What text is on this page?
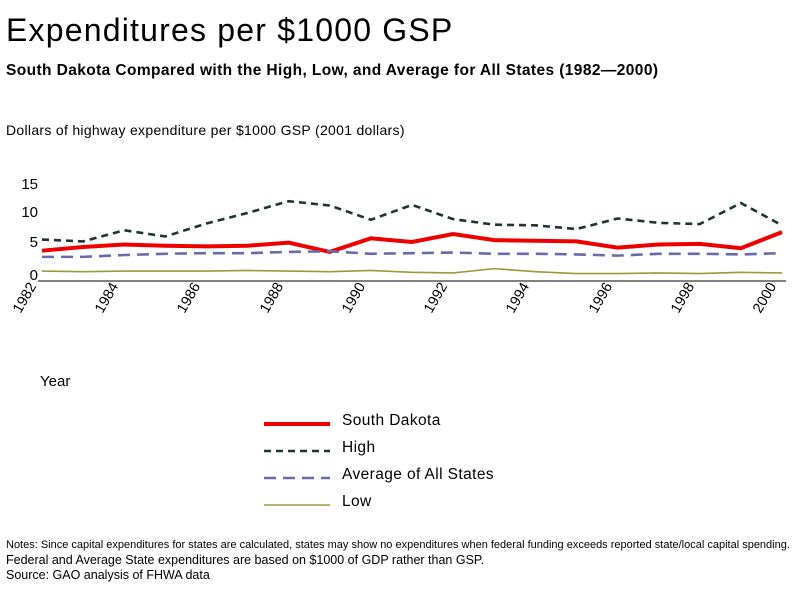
Expenditures per $1000 GSP
South Dakota Compared with the High, Low, and Average for All States (1982—2000)
Dollars of highway expenditure per $1000 GSP (2001 dollars)
15
10
5
0
1982	1984	1986	1988	1990	1992	1994	1996	1998	2000
Year
South Dakota
High
Average of All States
Low
Notes: Since capital expenditures for states are calculated, states may show no expenditures when federal funding exceeds reported state/local capital spending.
Federal and Average State expenditures are based on $1000 of GDP rather than GSP.
Source: GAO analysis of FHWA data
